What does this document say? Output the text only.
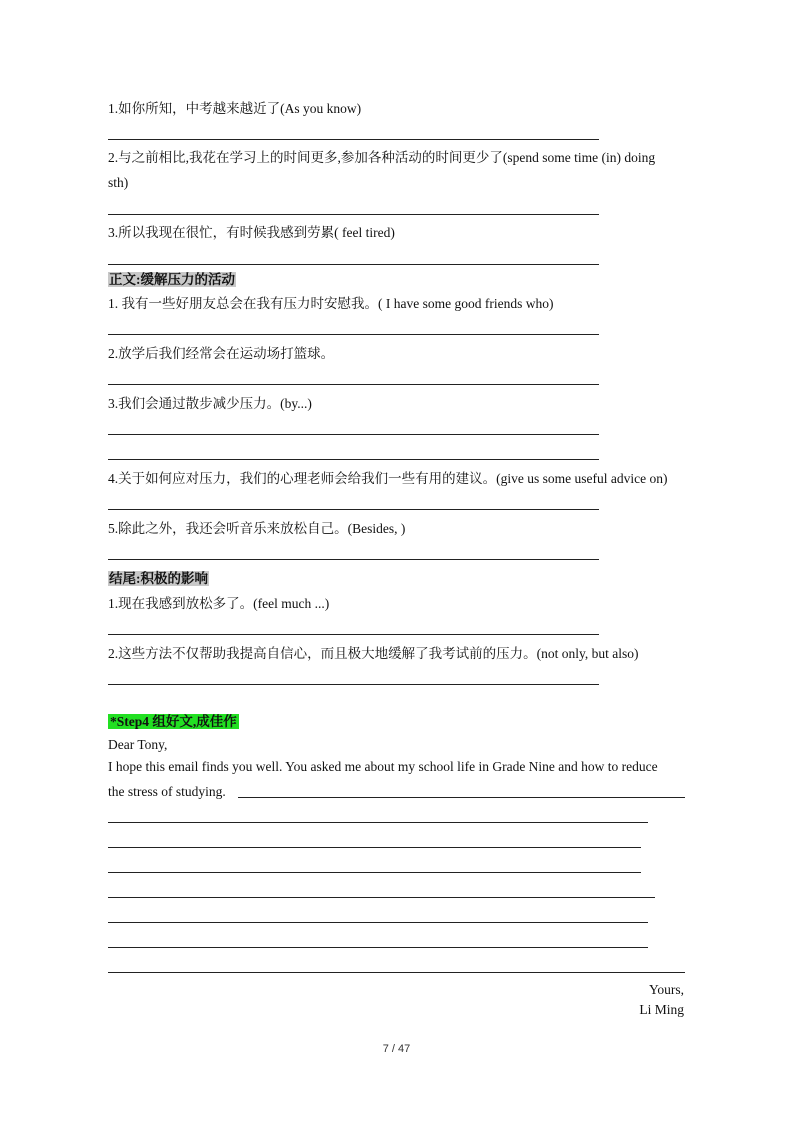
1.如你所知，中考越来越近了(As you know)
2.与之前相比,我花在学习上的时间更多,参加各种活动的时间更少了(spend some time (in) doing
sth)
3.所以我现在很忙，有时候我感到劳累( feel tired)
正文:缓解压力的活动
1. 我有一些好朋友总会在我有压力时安慰我。( I have some good friends who)
2.放学后我们经常会在运动场打篮球。
3.我们会通过散步减少压力。(by...)
4.关于如何应对压力，我们的心理老师会给我们一些有用的建议。(give us some useful advice on)
5.除此之外，我还会听音乐来放松自己。(Besides, )
结尾:积极的影响
1.现在我感到放松多了。(feel much ...)
2.这些方法不仅帮助我提高自信心，而且极大地缓解了我考试前的压力。(not only, but also)
*Step4 组好文,成佳作
Dear Tony,
I hope this email finds you well. You asked me about my school life in Grade Nine and how to reduce
the stress of studying.
Yours,
Li Ming
7 / 47
